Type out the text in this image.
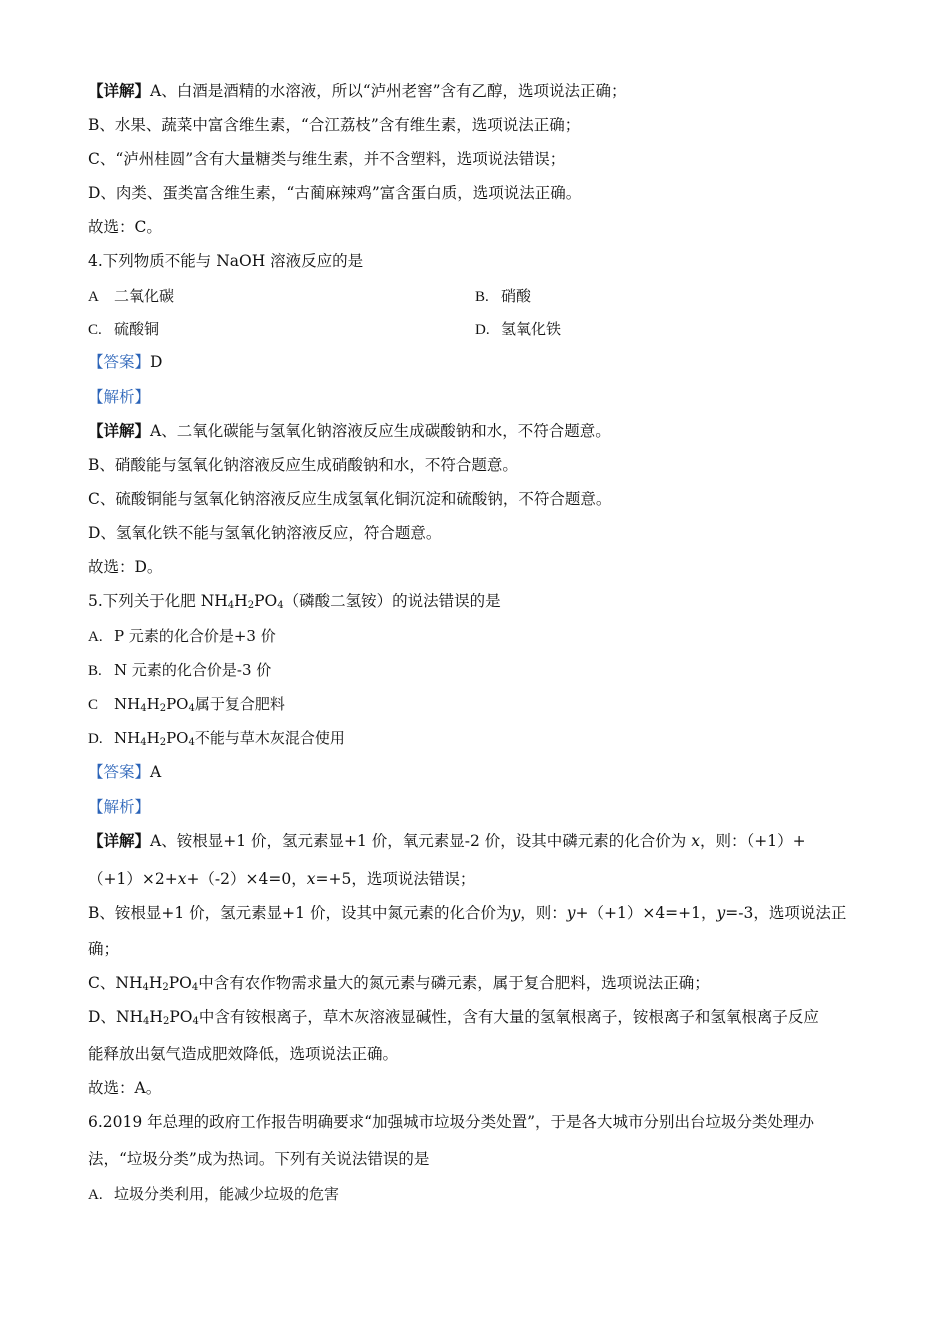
【详解】A、白酒是酒精的水溶液，所以“泸州老窖”含有乙醇，选项说法正确；
B、水果、蔬菜中富含维生素，“合江荔枝”含有维生素，选项说法正确；
C、“泸州桂圆”含有大量糖类与维生素，并不含塑料，选项说法错误；
D、肉类、蛋类富含维生素，“古蔺麻辣鸡”富含蛋白质，选项说法正确。
故选：C。
4.下列物质不能与 NaOH 溶液反应的是
A 二氧化碳	B. 硝酸
C. 硫酸铜	D. 氢氧化铁
【答案】D
【解析】
【详解】A、二氧化碳能与氢氧化钠溶液反应生成碳酸钠和水，不符合题意。
B、硝酸能与氢氧化钠溶液反应生成硝酸钠和水，不符合题意。
C、硫酸铜能与氢氧化钠溶液反应生成氢氧化铜沉淀和硫酸钠，不符合题意。
D、氢氧化铁不能与氢氧化钠溶液反应，符合题意。
故选：D。
5.下列关于化肥 $NH_4H_2PO_4$（磷酸二氢铵）的说法错误的是
A. P 元素的化合价是+3 价
B. N 元素的化合价是-3 价
C $NH_4H_2PO_4$属于复合肥料
D. $NH_4H_2PO_4$不能与草木灰混合使用
【答案】A
【解析】
【详解】A、铵根显+1 价，氢元素显+1 价，氧元素显-2 价，设其中磷元素的化合价为 x，则：（+1）+
（+1）×2+x+（-2）×4=0，x=+5，选项说法错误；
B、铵根显+1 价，氢元素显+1 价，设其中氮元素的化合价为y，则：y+（+1）×4=+1，y=-3，选项说法正
确；
C、$NH_4H_2PO_4$中含有农作物需求量大的氮元素与磷元素，属于复合肥料，选项说法正确；
D、$NH_4H_2PO_4$中含有铵根离子，草木灰溶液显碱性，含有大量的氢氧根离子，铵根离子和氢氧根离子反应
能释放出氨气造成肥效降低，选项说法正确。
故选：A。
6.2019 年总理的政府工作报告明确要求“加强城市垃圾分类处置”，于是各大城市分别出台垃圾分类处理办
法，“垃圾分类”成为热词。下列有关说法错误的是
A. 垃圾分类利用，能减少垃圾的危害
